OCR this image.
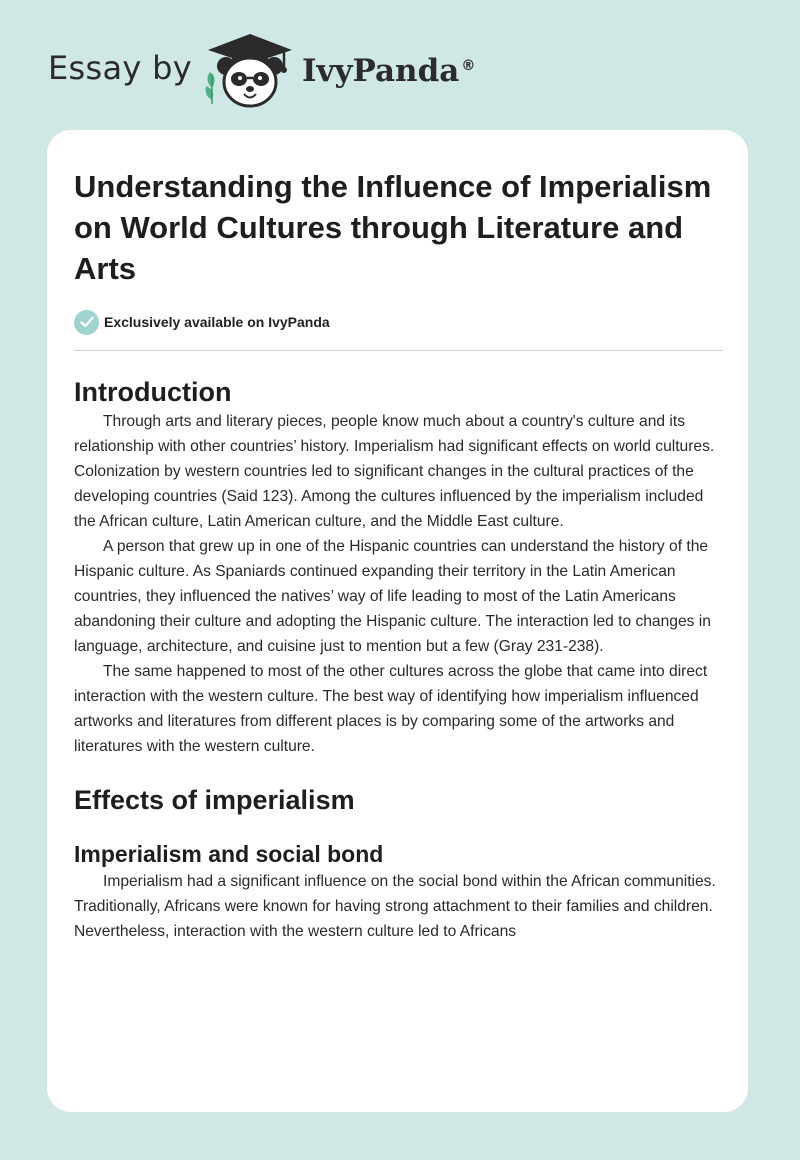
Essay by	IvyPanda ®
Understanding the Influence of Imperialism on World Cultures through Literature and Arts
Exclusively available on IvyPanda
Introduction

Through arts and literary pieces, people know much about a country's culture and its relationship with other countries’ history. Imperialism had significant effects on world cultures. Colonization by western countries led to significant changes in the cultural practices of the developing countries (Said 123). Among the cultures influenced by the imperialism included the African culture, Latin American culture, and the Middle East culture.

A person that grew up in one of the Hispanic countries can understand the history of the Hispanic culture. As Spaniards continued expanding their territory in the Latin American countries, they influenced the natives’ way of life leading to most of the Latin Americans abandoning their culture and adopting the Hispanic culture. The interaction led to changes in language, architecture, and cuisine just to mention but a few (Gray 231-238).

The same happened to most of the other cultures across the globe that came into direct interaction with the western culture. The best way of identifying how imperialism influenced artworks and literatures from different places is by comparing some of the artworks and literatures with the western culture.

Effects of imperialism
Imperialism and social bond

Imperialism had a significant influence on the social bond within the African communities. Traditionally, Africans were known for having strong attachment to their families and children. Nevertheless, interaction with the western culture led to Africans
